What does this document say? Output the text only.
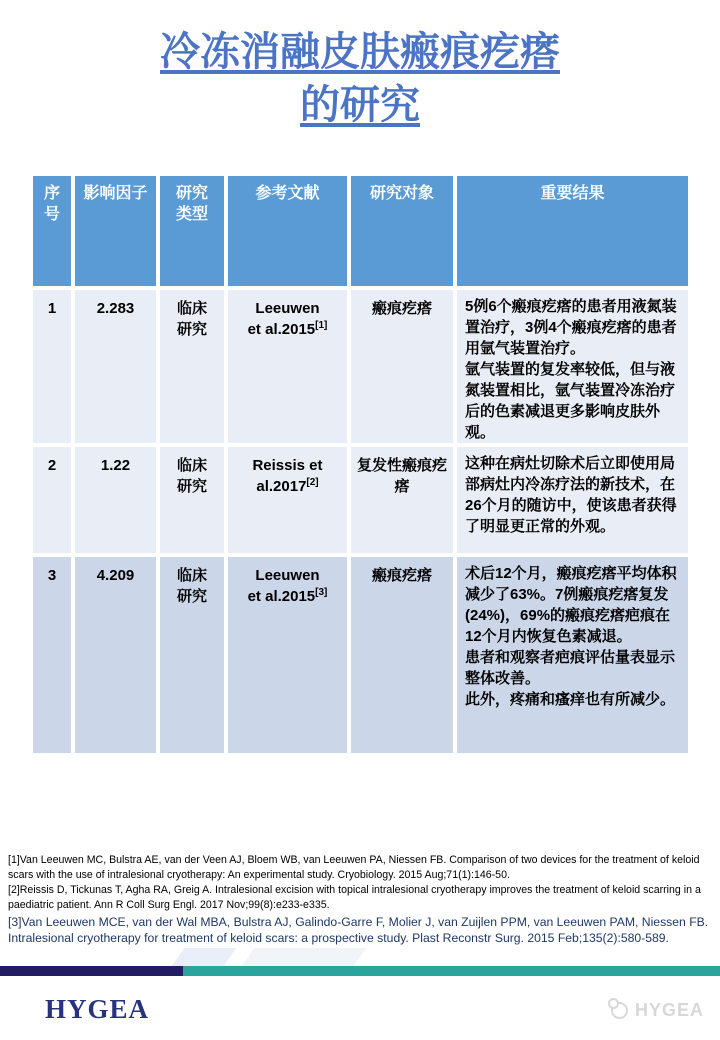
冷冻消融皮肤瘢痕疙瘩
的研究
序号	影响因子	研究类型	参考文献	研究对象	重要结果
1	2.283	临床研究	Leeuwen
et al.2015[1]	瘢痕疙瘩	5例6个瘢痕疙瘩的患者用液氮装置治疗，3例4个瘢痕疙瘩的患者用氩气装置治疗。
氩气装置的复发率较低，但与液氮装置相比，氩气装置冷冻治疗后的色素减退更多影响皮肤外观。

2	1.22	临床研究	Reissis et
al.2017[2]	复发性瘢痕疙瘩	这种在病灶切除术后立即使用局部病灶内冷冻疗法的新技术，在26个月的随访中，使该患者获得了明显更正常的外观。

3	4.209	临床研究	Leeuwen
et al.2015[3]	瘢痕疙瘩	术后12个月，瘢痕疙瘩平均体积减少了63%。7例瘢痕疙瘩复发(24%)，69%的瘢痕疙瘩疤痕在12个月内恢复色素减退。
患者和观察者疤痕评估量表显示整体改善。
此外，疼痛和瘙痒也有所减少。
[1]Van Leeuwen MC, Bulstra AE, van der Veen AJ, Bloem WB, van Leeuwen PA, Niessen FB. Comparison of two devices for the treatment of keloid scars with the use of intralesional cryotherapy: An experimental study. Cryobiology. 2015 Aug;71(1):146-50.
[2]Reissis D, Tickunas T, Agha RA, Greig A. Intralesional excision with topical intralesional cryotherapy improves the treatment of keloid scarring in a paediatric patient. Ann R Coll Surg Engl. 2017 Nov;99(8):e233-e335.
[3]Van Leeuwen MCE, van der Wal MBA, Bulstra AJ, Galindo-Garre F, Molier J, van Zuijlen PPM, van Leeuwen PAM, Niessen FB. Intralesional cryotherapy for treatment of keloid scars: a prospective study. Plast Reconstr Surg. 2015 Feb;135(2):580-589.
HYGEA	HYGEA
